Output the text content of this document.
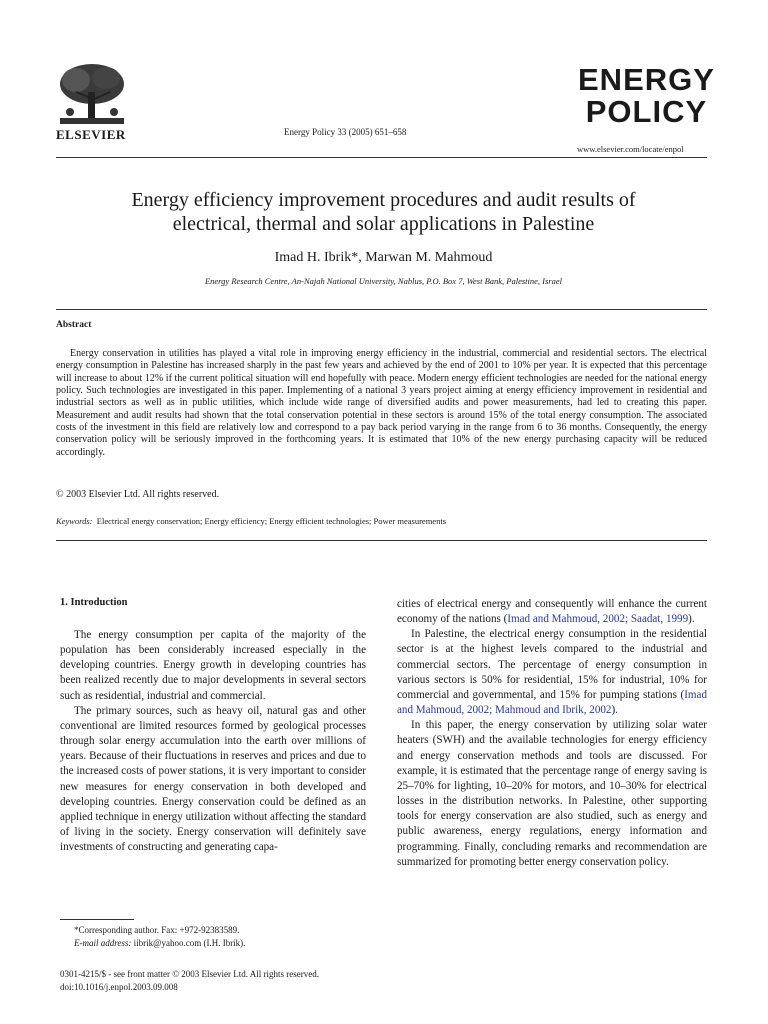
ELSEVIER	Energy Policy 33 (2005) 651–658
ENERGY
POLICY
www.elsevier.com/locate/enpol
Energy efficiency improvement procedures and audit results of
electrical, thermal and solar applications in Palestine
Imad H. Ibrik*, Marwan M. Mahmoud
Energy Research Centre, An-Najah National University, Nablus, P.O. Box 7, West Bank, Palestine, Israel
Abstract

Energy conservation in utilities has played a vital role in improving energy efficiency in the industrial, commercial and residential sectors. The electrical energy consumption in Palestine has increased sharply in the past few years and achieved by the end of 2001 to 10% per year. It is expected that this percentage will increase to about 12% if the current political situation will end hopefully with peace. Modern energy efficient technologies are needed for the national energy policy. Such technologies are investigated in this paper. Implementing of a national 3 years project aiming at energy efficiency improvement in residential and industrial sectors as well as in public utilities, which include wide range of diversified audits and power measurements, had led to creating this paper. Measurement and audit results had shown that the total conservation potential in these sectors is around 15% of the total energy consumption. The associated costs of the investment in this field are relatively low and correspond to a pay back period varying in the range from 6 to 36 months. Consequently, the energy conservation policy will be seriously improved in the forthcoming years. It is estimated that 10% of the new energy purchasing capacity will be reduced accordingly.

© 2003 Elsevier Ltd. All rights reserved.
Keywords: Electrical energy conservation; Energy efficiency; Energy efficient technologies; Power measurements
1. Introduction

The energy consumption per capita of the majority of the population has been considerably increased especially in the developing countries. Energy growth in developing countries has been realized recently due to major developments in several sectors such as residential, industrial and commercial.

The primary sources, such as heavy oil, natural gas and other conventional are limited resources formed by geological processes through solar energy accumulation into the earth over millions of years. Because of their fluctuations in reserves and prices and due to the increased costs of power stations, it is very important to consider new measures for energy conservation in both developed and developing countries. Energy conservation could be defined as an applied technique in energy utilization without affecting the standard of living in the society. Energy conservation will definitely save investments of constructing and generating capa-

cities of electrical energy and consequently will enhance the current economy of the nations (Imad and Mahmoud, 2002; Saadat, 1999).

In Palestine, the electrical energy consumption in the residential sector is at the highest levels compared to the industrial and commercial sectors. The percentage of energy consumption in various sectors is 50% for residential, 15% for industrial, 10% for commercial and governmental, and 15% for pumping stations (Imad and Mahmoud, 2002; Mahmoud and Ibrik, 2002).

In this paper, the energy conservation by utilizing solar water heaters (SWH) and the available technologies for energy efficiency and energy conservation methods and tools are discussed. For example, it is estimated that the percentage range of energy saving is 25–70% for lighting, 10–20% for motors, and 10–30% for electrical losses in the distribution networks. In Palestine, other supporting tools for energy conservation are also studied, such as energy and public awareness, energy regulations, energy information and programming. Finally, concluding remarks and recommendation are summarized for promoting better energy conservation policy.

*Corresponding author. Fax: +972-92383589.
E-mail address: iibrik@yahoo.com (I.H. Ibrik).
0301-4215/$ - see front matter © 2003 Elsevier Ltd. All rights reserved.
doi:10.1016/j.enpol.2003.09.008
